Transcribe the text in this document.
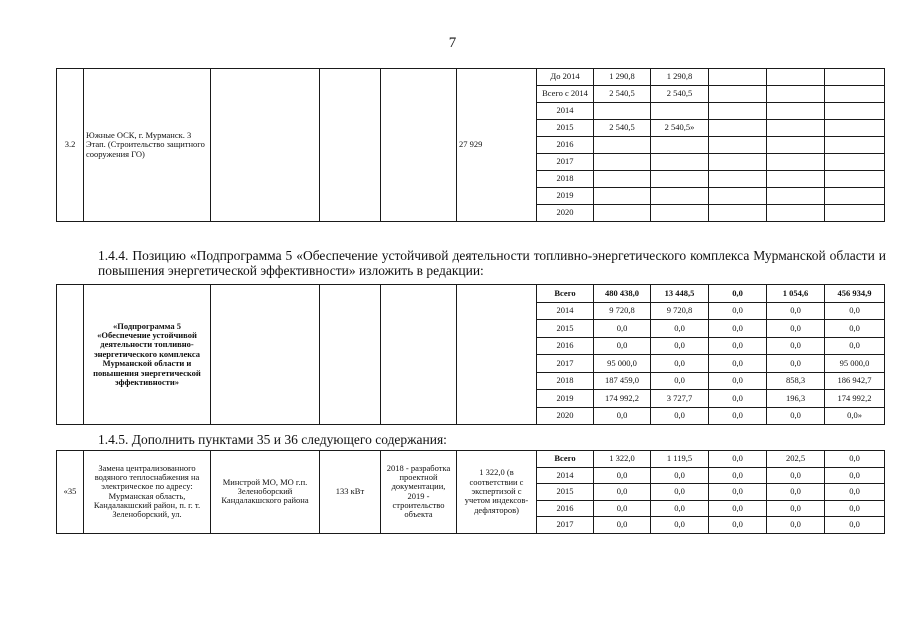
7
3.2	Южные ОСК, г. Мурманск. 3 Этап. (Строительство защитного сооружения ГО)				27 929	До 2014	1 290,8	1 290,8			
						Всего с 2014	2 540,5	2 540,5			
						2014					
						2015	2 540,5	2 540,5»			
						2016					
						2017					
						2018					
						2019					
						2020					
1.4.4. Позицию «Подпрограмма 5 «Обеспечение устойчивой деятельности топливно-энергетического комплекса Мурманской области и повышения энергетической эффективности» изложить в редакции:
	«Подпрограмма 5 «Обеспечение устойчивой деятельности топливно-энергетического комплекса Мурманской области и повышения энергетической эффективности»					Всего	480 438,0	13 448,5	0,0	1 054,6	456 934,9
						2014	9 720,8	9 720,8	0,0	0,0	0,0
						2015	0,0	0,0	0,0	0,0	0,0
						2016	0,0	0,0	0,0	0,0	0,0
						2017	95 000,0	0,0	0,0	0,0	95 000,0
						2018	187 459,0	0,0	0,0	858,3	186 942,7
						2019	174 992,2	3 727,7	0,0	196,3	174 992,2
						2020	0,0	0,0	0,0	0,0	0,0»
1.4.5. Дополнить пунктами 35 и 36 следующего содержания:
«35	Замена централизованного водяного теплоснабжения на электрическое по адресу: Мурманская область, Кандалакшский район, п. г. т. Зеленоборский, ул.	Минстрой МО, МО г.п. Зеленоборский Кандалакшского района	133 кВт	2018 - разработка проектной документации, 2019 - строительство объекта	1 322,0 (в соответствии с экспертизой с учетом индексов-дефляторов)	Всего	1 322,0	1 119,5	0,0	202,5	0,0
						2014	0,0	0,0	0,0	0,0	0,0
						2015	0,0	0,0	0,0	0,0	0,0
						2016	0,0	0,0	0,0	0,0	0,0
						2017	0,0	0,0	0,0	0,0	0,0
